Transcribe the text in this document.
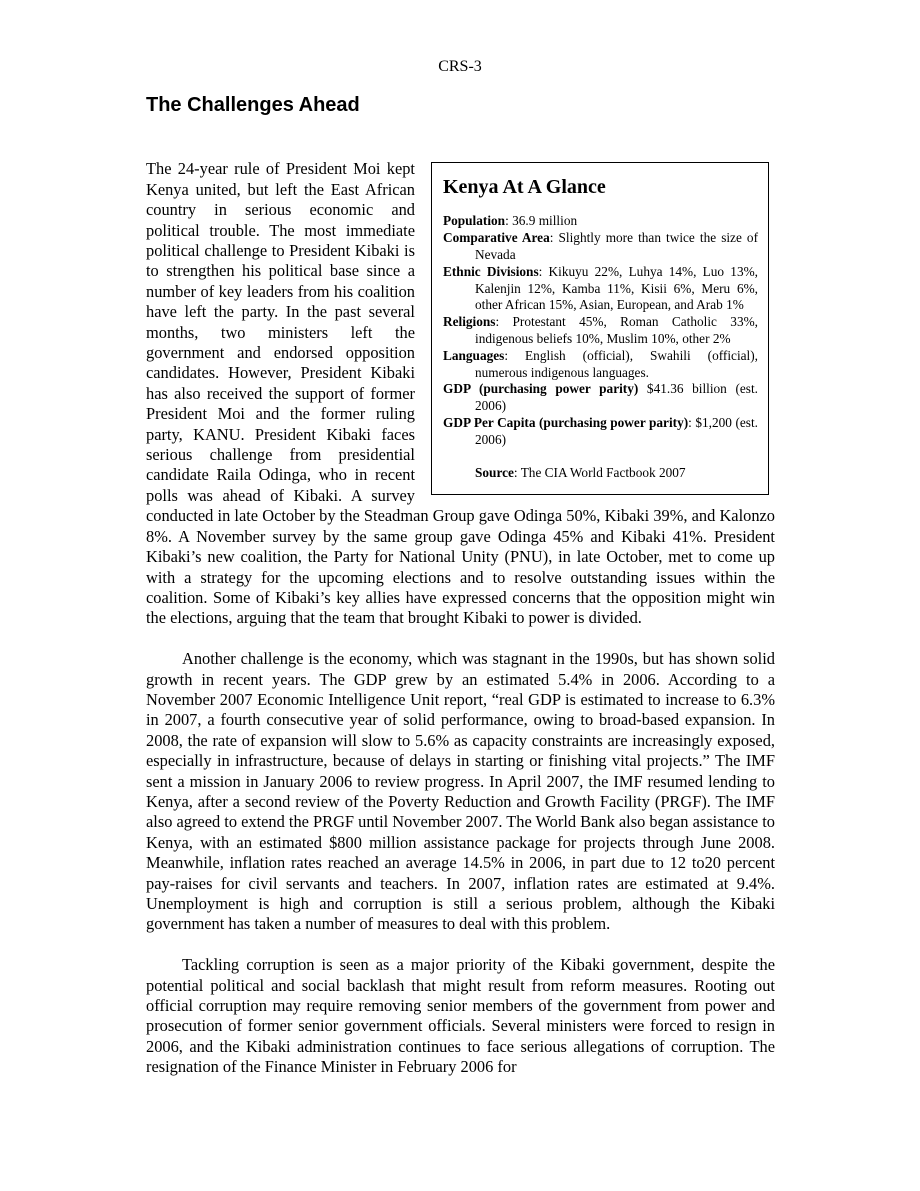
CRS-3
The Challenges Ahead

Kenya At A Glance
Population: 36.9 million
Comparative Area: Slightly more than twice the size of Nevada
Ethnic Divisions: Kikuyu 22%, Luhya 14%, Luo 13%, Kalenjin 12%, Kamba 11%, Kisii 6%, Meru 6%, other African 15%, Asian, European, and Arab 1%
Religions: Protestant 45%, Roman Catholic 33%, indigenous beliefs 10%, Muslim 10%, other 2%
Languages: English (official), Swahili (official), numerous indigenous languages.
GDP (purchasing power parity) $41.36 billion (est. 2006)
GDP Per Capita (purchasing power parity): $1,200 (est. 2006)
Source: The CIA World Factbook 2007
The 24-year rule of President Moi kept Kenya united, but left the East African country in serious economic and political trouble. The most immediate political challenge to President Kibaki is to strengthen his political base since a number of key leaders from his coalition have left the party. In the past several months, two ministers left the government and endorsed opposition candidates. However, President Kibaki has also received the support of former President Moi and the former ruling party, KANU. President Kibaki faces serious challenge from presidential candidate Raila Odinga, who in recent polls was ahead of Kibaki. A survey conducted in late October by the Steadman Group gave Odinga 50%, Kibaki 39%, and Kalonzo 8%. A November survey by the same group gave Odinga 45% and Kibaki 41%. President Kibaki’s new coalition, the Party for National Unity (PNU), in late October, met to come up with a strategy for the upcoming elections and to resolve outstanding issues within the coalition. Some of Kibaki’s key allies have expressed concerns that the opposition might win the elections, arguing that the team that brought Kibaki to power is divided.

Another challenge is the economy, which was stagnant in the 1990s, but has shown solid growth in recent years. The GDP grew by an estimated 5.4% in 2006. According to a November 2007 Economic Intelligence Unit report, “real GDP is estimated to increase to 6.3% in 2007, a fourth consecutive year of solid performance, owing to broad-based expansion. In 2008, the rate of expansion will slow to 5.6% as capacity constraints are increasingly exposed, especially in infrastructure, because of delays in starting or finishing vital projects.” The IMF sent a mission in January 2006 to review progress. In April 2007, the IMF resumed lending to Kenya, after a second review of the Poverty Reduction and Growth Facility (PRGF). The IMF also agreed to extend the PRGF until November 2007. The World Bank also began assistance to Kenya, with an estimated $800 million assistance package for projects through June 2008. Meanwhile, inflation rates reached an average 14.5% in 2006, in part due to 12 to20 percent pay-raises for civil servants and teachers. In 2007, inflation rates are estimated at 9.4%. Unemployment is high and corruption is still a serious problem, although the Kibaki government has taken a number of measures to deal with this problem.

Tackling corruption is seen as a major priority of the Kibaki government, despite the potential political and social backlash that might result from reform measures. Rooting out official corruption may require removing senior members of the government from power and prosecution of former senior government officials. Several ministers were forced to resign in 2006, and the Kibaki administration continues to face serious allegations of corruption. The resignation of the Finance Minister in February 2006 for
